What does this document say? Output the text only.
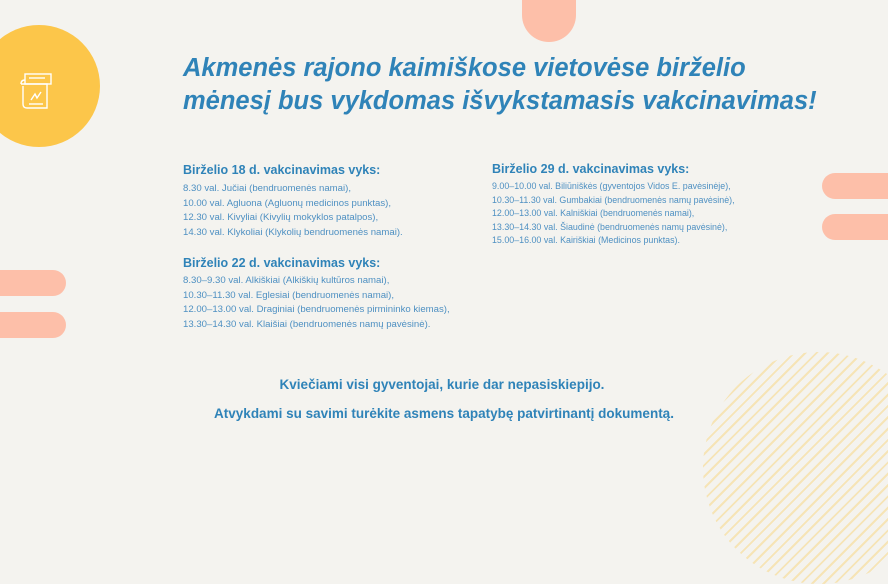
Akmenės rajono kaimiškose vietovėse birželio
mėnesį bus vykdomas išvykstamasis vakcinavimas!
Birželio 18 d. vakcinavimas vyks:
8.30 val. Jučiai (bendruomenės namai),
10.00 val. Agluona (Agluonų medicinos punktas),
12.30 val. Kivyliai (Kivylių mokyklos patalpos),
14.30 val. Klykoliai (Klykolių bendruomenės namai).
Birželio 22 d. vakcinavimas vyks:
8.30–9.30 val. Alkiškiai (Alkiškių kultūros namai),
10.30–11.30 val. Eglesiai (bendruomenės namai),
12.00–13.00 val. Draginiai (bendruomenės pirmininko kiemas),
13.30–14.30 val. Klaišiai (bendruomenės namų pavėsinė).
Birželio 29 d. vakcinavimas vyks:
9.00–10.00 val. Biliūniškės (gyventojos Vidos E. pavėsinėje),
10.30–11.30 val. Gumbakiai (bendruomenės namų pavėsinė),
12.00–13.00 val. Kalniškiai (bendruomenės namai),
13.30–14.30 val. Šiaudinė (bendruomenės namų pavėsinė),
15.00–16.00 val. Kairiškiai (Medicinos punktas).

Kviečiami visi gyventojai, kurie dar nepasiskiepijo.

Atvykdami su savimi turėkite asmens tapatybę patvirtinantį dokumentą.
